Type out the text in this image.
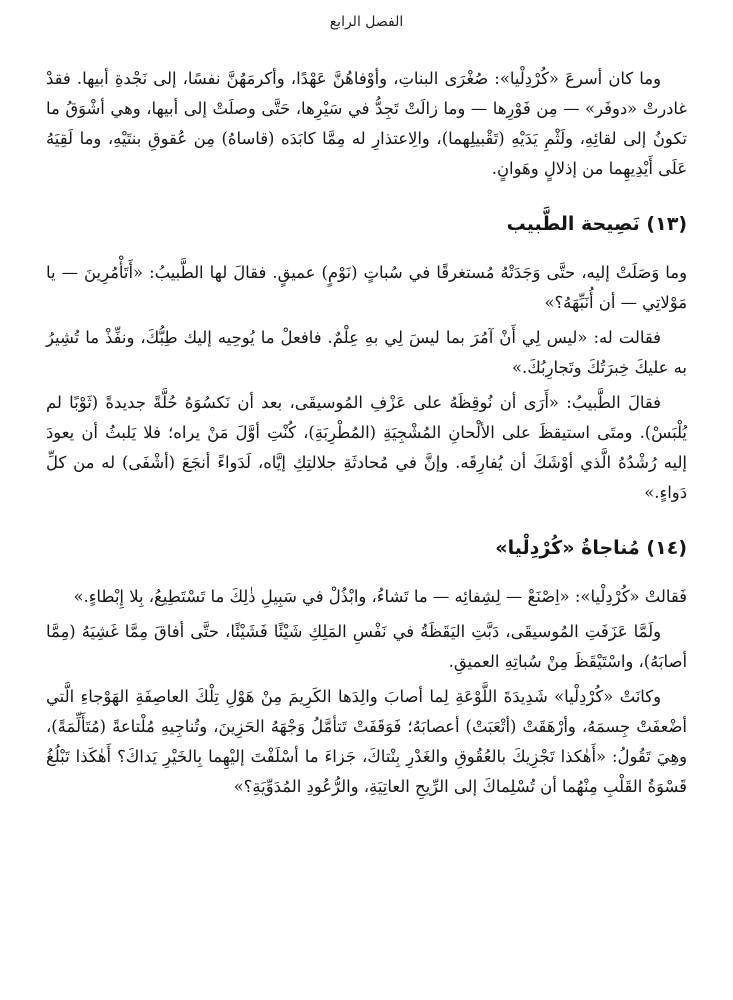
الفصل الرابع

وما كان أسرعَ «كُرْدِلْيا»: صُغْرَى البناتِ، وأوْفاهُنَّ عَهْدًا، وأكرمَهُنَّ نفسًا، إلى نَجْدةِ أبيها. فقدْ غادرتْ «دوفَر» — مِن فَوْرِها — وما زالَتْ تَجِدُّ في سَيْرِها، حَتَّى وصلَتْ إلى أبيها، وهي أشْوَقُ ما تكونُ إلى لقائِهِ، ولَثْمِ يَدَيْهِ (تَقْبيلِهما)، والِاعتذارِ له مِمَّا كابَدَه (قاساهُ) مِن عُقوقِ بنتَيْهِ، وما لَقِيَهُ عَلَى أَيْدِيهِما من إذلالٍ وهَوانٍ.

(١٣) نَصِيحة الطَّبيب

وما وَصَلَتْ إليه، حتَّى وَجَدَتْهُ مُستغرقًا في سُباتٍ (نَوْمٍ) عميقٍ. فقالَ لها الطَّبيبُ: «أَتَأْمُرِينَ — يا مَوْلاتِي — أن أُنَبِّهَهُ؟»

فقالت له: «ليس لِي أَنْ آمُرَ بما ليسَ لِي بهِ عِلْمٌ. فافعلْ ما يُوحِيه إليك طِبُّكَ، ونفِّذْ ما تُشِيرُ به عليكَ خِبرَتُكَ وتَجارِبُكَ.»

فقالَ الطَّبيبُ: «أَرَى أن نُوقِظَهُ على عَزْفِ المُوسيقَى، بعد أن نَكسُوَهُ حُلَّةً جديدةً (ثَوْبًا لم يُلْبَسْ). ومتَى استيقظَ على الألْحانِ المُشْجِيَةِ (المُطْرِبَةِ)، كُنْتِ أوَّلَ مَنْ يراه؛ فلا يَلبثُ أن يعودَ إليه رُشْدُهُ الَّذي أوْشَكَ أن يُفارِقَه. وإنَّ في مُحادثَةِ جلالتِكِ إيَّاه، لَدَواءً أنجَعَ (أشْفَى) له من كلِّ دَواءٍ.»

(١٤) مُناجاةُ «كُرْدِلْيا»

فَقالتْ «كُرْدِلْيا»: «اِصْنَعْ — لِشِفائِه — ما تَشاءُ، وابْذُلْ في سَبِيلِ ذٰلِكَ ما تَسْتَطِيعُ، بِلا إِبْطاءٍ.»

ولَمَّا عَزَفَتِ المُوسيقَى، دَبَّتِ اليَقَظَةُ في نَفْسِ المَلِكِ شَيْئًا فَشَيْئًا، حتَّى أفاقَ مِمَّا غَشِيَهُ (مِمَّا أصابَهُ)، واسْتَيْقَظَ مِنْ سُباتِهِ العميقِ.

وكانَتْ «كُرْدِلْيا» شَدِيدَةَ اللَّوْعَةِ لِما أصابَ والِدَها الكَرِيمَ مِنْ هَوْلِ تِلْكَ العاصِفَةِ الهَوْجاءِ الَّتي أضْعفَتْ جِسمَهُ، وأرْهَقَتْ (أتْعَبَتْ) أعصابَهُ؛ فَوَقَفَتْ تَتأمَّلُ وَجْهَهُ الحَزِينَ، وتُناجِيهِ مُلْتاعةً (مُتَأَلِّمَةً)، وهِيَ تَقُولُ: «أَهٰكذا تَجْزِيكَ بالعُقُوقِ والغَدْرِ بِنْتاكَ، جَزاءَ ما أسْلَفْتَ إليْهِما بِالخَيْرِ يَداكَ؟ أَهٰكَذا تَبْلُغُ قَسْوَةُ القَلْبِ مِنْهُما أن تُسْلِماكَ إلى الرِّيحِ العاتِيَةِ، والرُّعُودِ المُدَوِّيَةِ؟»
